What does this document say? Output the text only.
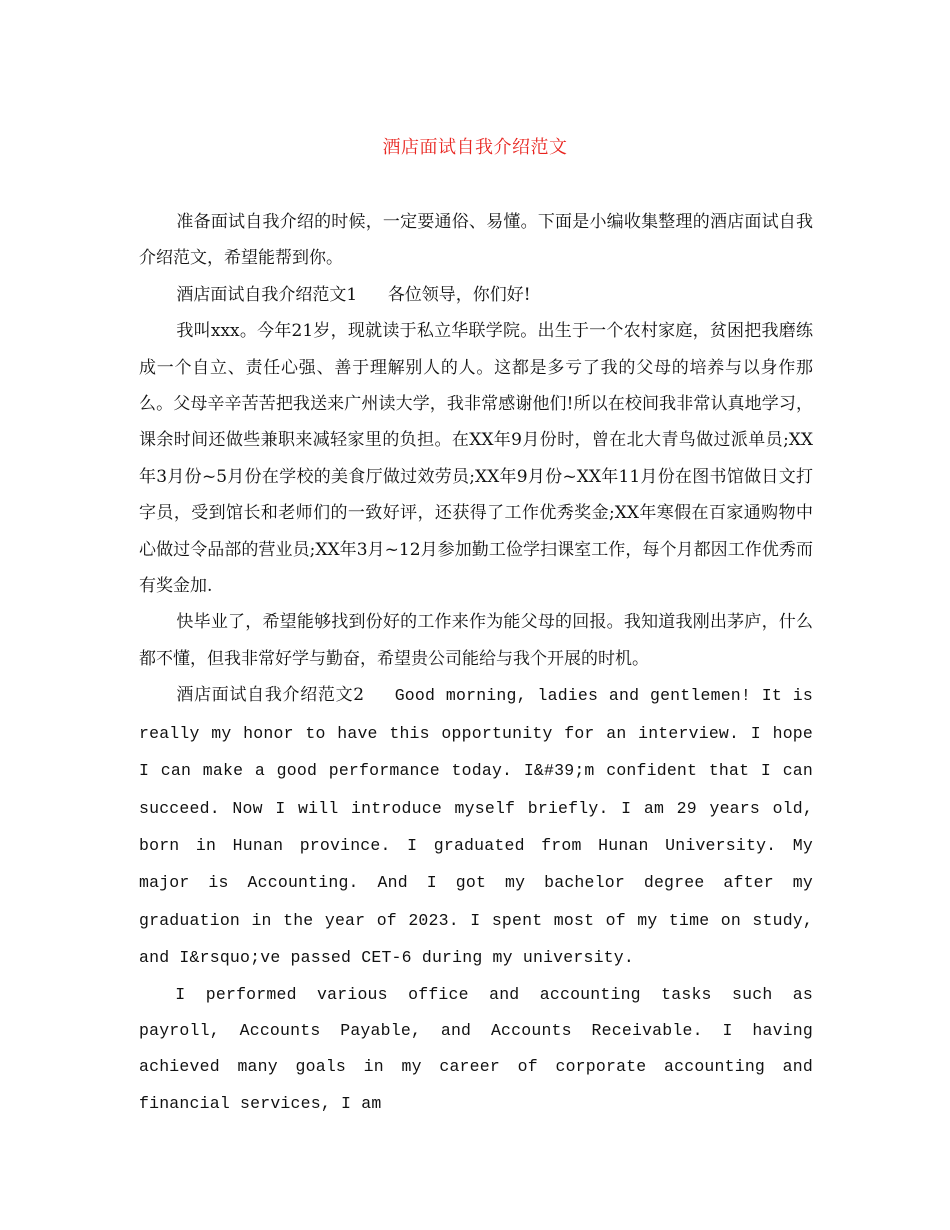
酒店面试自我介绍范文

准备面试自我介绍的时候，一定要通俗、易懂。下面是小编收集整理的酒店面试自我介绍范文，希望能帮到你。

酒店面试自我介绍范文1 各位领导，你们好!

我叫xxx。今年21岁，现就读于私立华联学院。出生于一个农村家庭，贫困把我磨练成一个自立、责任心强、善于理解别人的人。这都是多亏了我的父母的培养与以身作那么。父母辛辛苦苦把我送来广州读大学，我非常感谢他们!所以在校间我非常认真地学习，课余时间还做些兼职来减轻家里的负担。在XX年9月份时，曾在北大青鸟做过派单员;XX年3月份~5月份在学校的美食厅做过效劳员;XX年9月份~XX年11月份在图书馆做日文打字员，受到馆长和老师们的一致好评，还获得了工作优秀奖金;XX年寒假在百家通购物中心做过令品部的营业员;XX年3月~12月参加勤工俭学扫课室工作，每个月都因工作优秀而有奖金加.

快毕业了，希望能够找到份好的工作来作为能父母的回报。我知道我刚出茅庐，什么都不懂，但我非常好学与勤奋，希望贵公司能给与我个开展的时机。

酒店面试自我介绍范文2 Good morning, ladies and gentlemen! It is really my honor to have this opportunity for an interview. I hope I can make a good performance today. I&#39;m confident that I can succeed. Now I will introduce myself briefly. I am 29 years old, born in Hunan province. I graduated from Hunan University. My major is Accounting. And I got my bachelor degree after my graduation in the year of 2023. I spent most of my time on study, and I&rsquo;ve passed CET-6 during my university.

I performed various office and accounting tasks such as payroll, Accounts Payable, and Accounts Receivable. I having achieved many goals in my career of corporate accounting and financial services, I am
